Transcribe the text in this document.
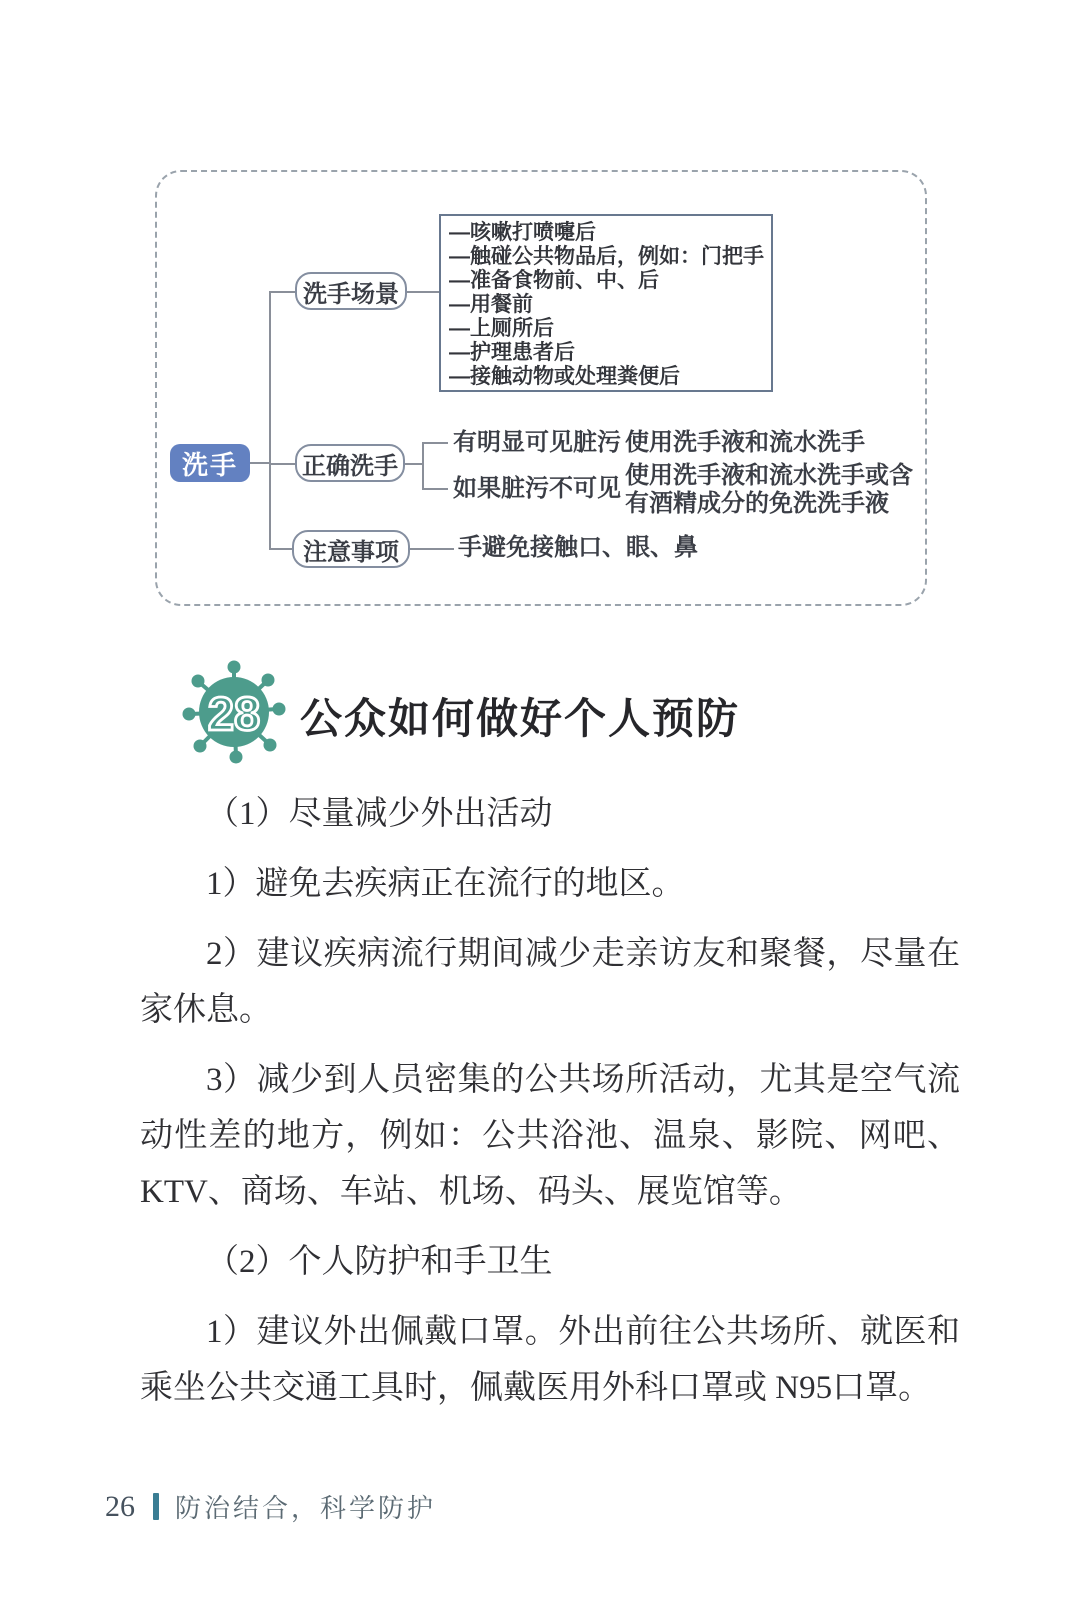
洗手
洗手场景
—咳嗽打喷嚏后
—触碰公共物品后，例如：门把手
—准备食物前、中、后
—用餐前
—上厕所后
—护理患者后
—接触动物或处理粪便后
正确洗手
有明显可见脏污 使用洗手液和流水洗手
如果脏污不可见 使用洗手液和流水洗手或含
有酒精成分的免洗洗手液
注意事项 手避免接触口、眼、鼻
28 公众如何做好个人预防

（1）尽量减少外出活动

1）避免去疾病正在流行的地区。

2）建议疾病流行期间减少走亲访友和聚餐，尽量在家休息。

3）减少到人员密集的公共场所活动，尤其是空气流动性差的地方，例如：公共浴池、温泉、影院、网吧、KTV、商场、车站、机场、码头、展览馆等。

（2）个人防护和手卫生

1）建议外出佩戴口罩。外出前往公共场所、就医和乘坐公共交通工具时，佩戴医用外科口罩或 N95口罩。

26 防治结合，科学防护
